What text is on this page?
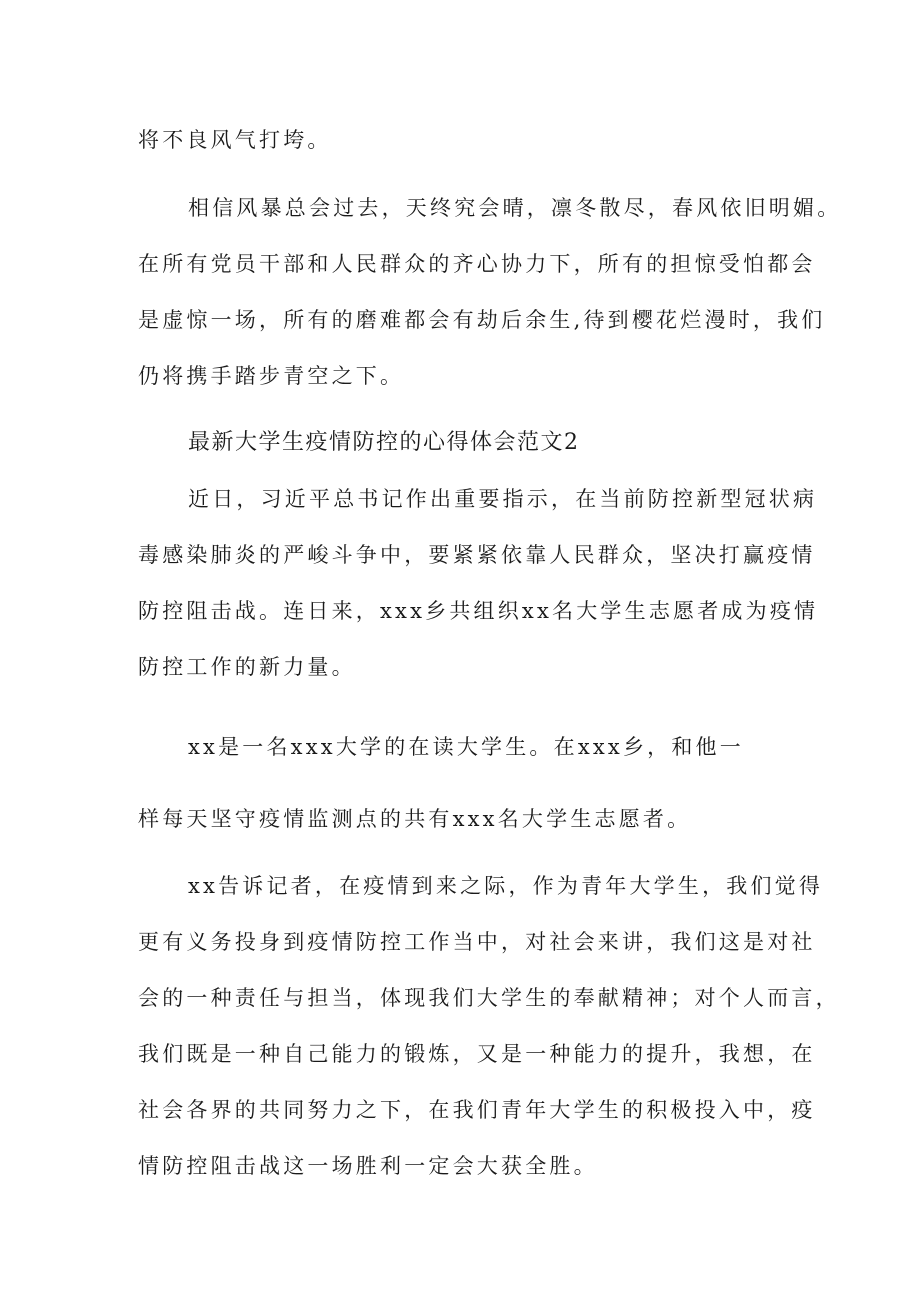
将不良风气打垮。
相信风暴总会过去，天终究会晴，凛冬散尽，春风依旧明媚。
在所有党员干部和人民群众的齐心协力下，所有的担惊受怕都会
是虚惊一场，所有的磨难都会有劫后余生,待到樱花烂漫时，我们
仍将携手踏步青空之下。
最新大学生疫情防控的心得体会范文2
近日，习近平总书记作出重要指示，在当前防控新型冠状病
毒感染肺炎的严峻斗争中，要紧紧依靠人民群众，坚决打赢疫情
防控阻击战。连日来，xxx乡共组织xx名大学生志愿者成为疫情
防控工作的新力量。
xx是一名xxx大学的在读大学生。在xxx乡，和他一
样每天坚守疫情监测点的共有xxx名大学生志愿者。
xx告诉记者，在疫情到来之际，作为青年大学生，我们觉得
更有义务投身到疫情防控工作当中，对社会来讲，我们这是对社
会的一种责任与担当，体现我们大学生的奉献精神；对个人而言，
我们既是一种自己能力的锻炼，又是一种能力的提升，我想，在
社会各界的共同努力之下，在我们青年大学生的积极投入中，疫
情防控阻击战这一场胜利一定会大获全胜。
